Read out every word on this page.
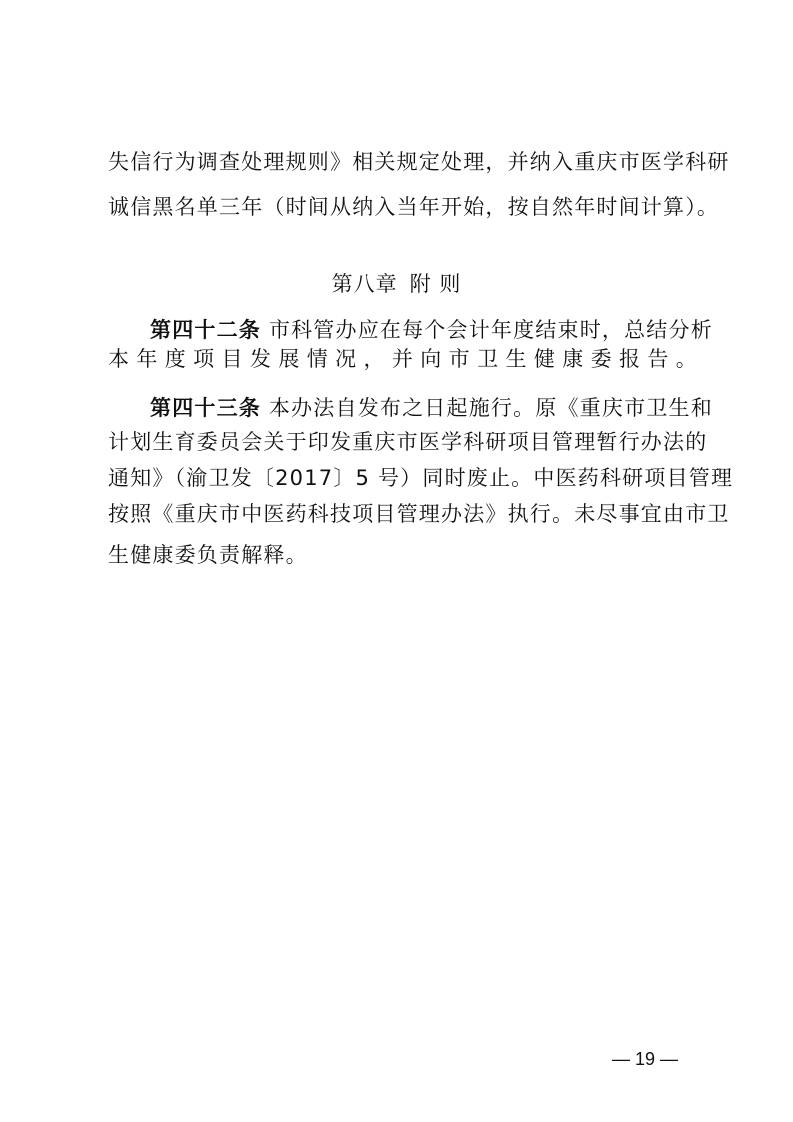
失信行为调查处理规则》相关规定处理，并纳入重庆市医学科研
诚信黑名单三年（时间从纳入当年开始，按自然年时间计算）。
第八章 附 则
第四十二条 市科管办应在每个会计年度结束时，总结分析
本年度项目发展情况，并向市卫生健康委报告。
第四十三条 本办法自发布之日起施行。原《重庆市卫生和
计划生育委员会关于印发重庆市医学科研项目管理暂行办法的
通知》（渝卫发〔2017〕5 号）同时废止。中医药科研项目管理
按照《重庆市中医药科技项目管理办法》执行。未尽事宜由市卫
生健康委负责解释。
— 19 —
